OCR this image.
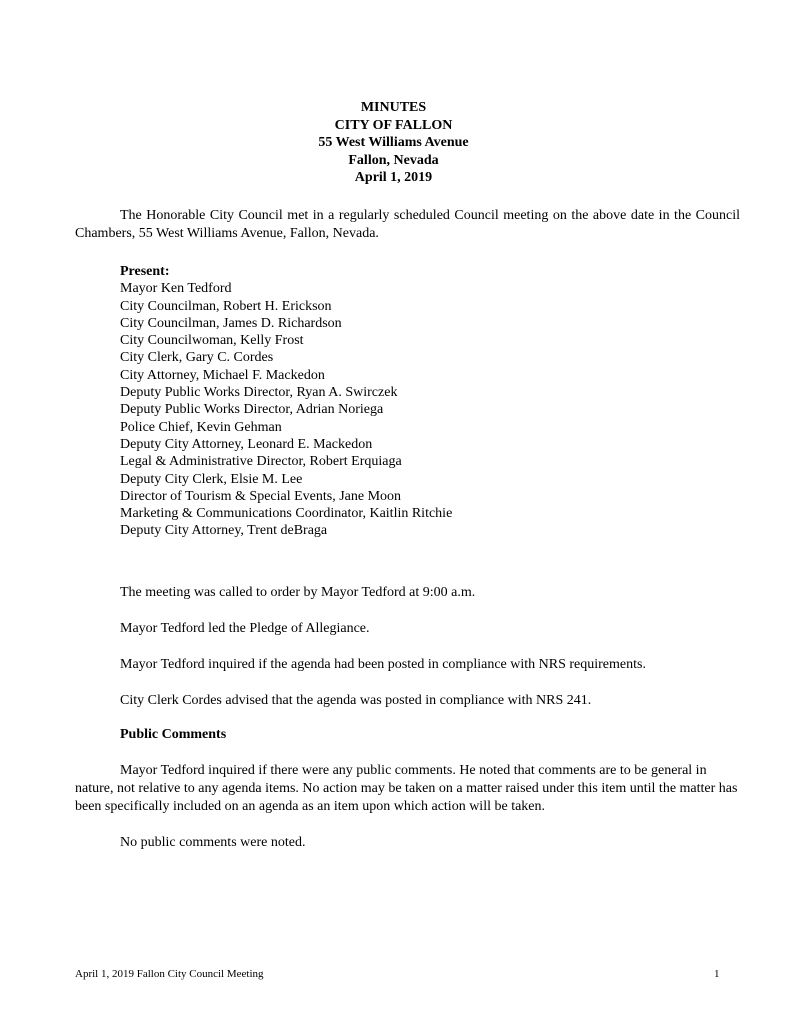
MINUTES
CITY OF FALLON
55 West Williams Avenue
Fallon, Nevada
April 1, 2019

The Honorable City Council met in a regularly scheduled Council meeting on the above date in the Council Chambers, 55 West Williams Avenue, Fallon, Nevada.

Present:
Mayor Ken Tedford
City Councilman, Robert H. Erickson
City Councilman, James D. Richardson
City Councilwoman, Kelly Frost
City Clerk, Gary C. Cordes
City Attorney, Michael F. Mackedon
Deputy Public Works Director, Ryan A. Swirczek
Deputy Public Works Director, Adrian Noriega
Police Chief, Kevin Gehman
Deputy City Attorney, Leonard E. Mackedon
Legal & Administrative Director, Robert Erquiaga
Deputy City Clerk, Elsie M. Lee
Director of Tourism & Special Events, Jane Moon
Marketing & Communications Coordinator, Kaitlin Ritchie
Deputy City Attorney, Trent deBraga
The meeting was called to order by Mayor Tedford at 9:00 a.m.
Mayor Tedford led the Pledge of Allegiance.
Mayor Tedford inquired if the agenda had been posted in compliance with NRS requirements.
City Clerk Cordes advised that the agenda was posted in compliance with NRS 241.
Public Comments

Mayor Tedford inquired if there were any public comments. He noted that comments are to be general in nature, not relative to any agenda items. No action may be taken on a matter raised under this item until the matter has been specifically included on an agenda as an item upon which action will be taken.

No public comments were noted.
April 1, 2019 Fallon City Council Meeting	1
